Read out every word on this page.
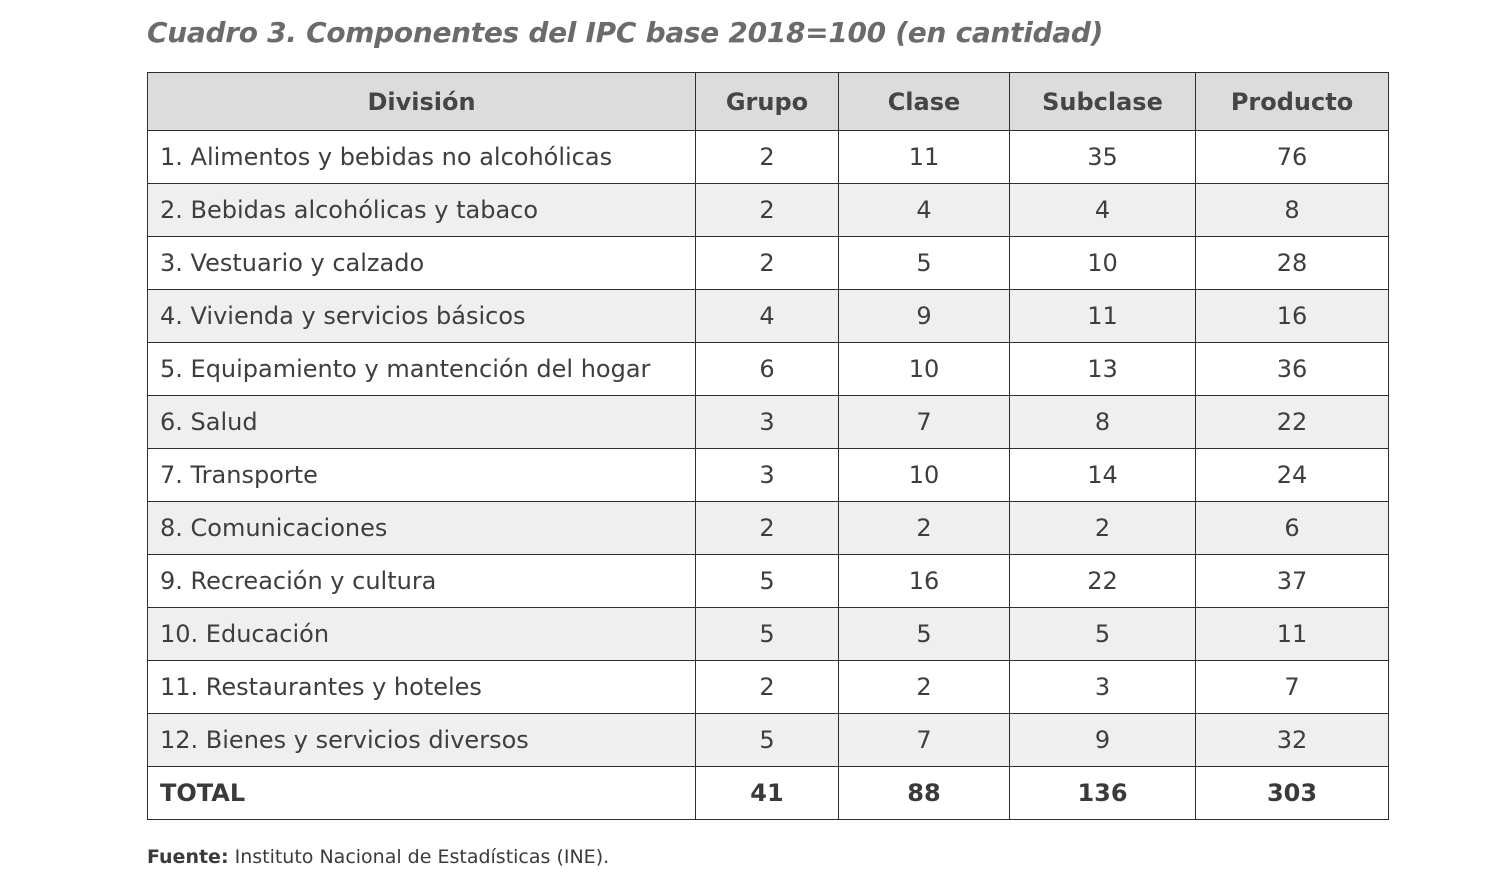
Cuadro 3. Componentes del IPC base 2018=100 (en cantidad)
División	Grupo	Clase	Subclase	Producto
1. Alimentos y bebidas no alcohólicas	2	11	35	76
2. Bebidas alcohólicas y tabaco	2	4	4	8
3. Vestuario y calzado	2	5	10	28
4. Vivienda y servicios básicos	4	9	11	16
5. Equipamiento y mantención del hogar	6	10	13	36
6. Salud	3	7	8	22
7. Transporte	3	10	14	24
8. Comunicaciones	2	2	2	6
9. Recreación y cultura	5	16	22	37
10. Educación	5	5	5	11
11. Restaurantes y hoteles	2	2	3	7
12. Bienes y servicios diversos	5	7	9	32
TOTAL	41	88	136	303
Fuente: Instituto Nacional de Estadísticas (INE).
